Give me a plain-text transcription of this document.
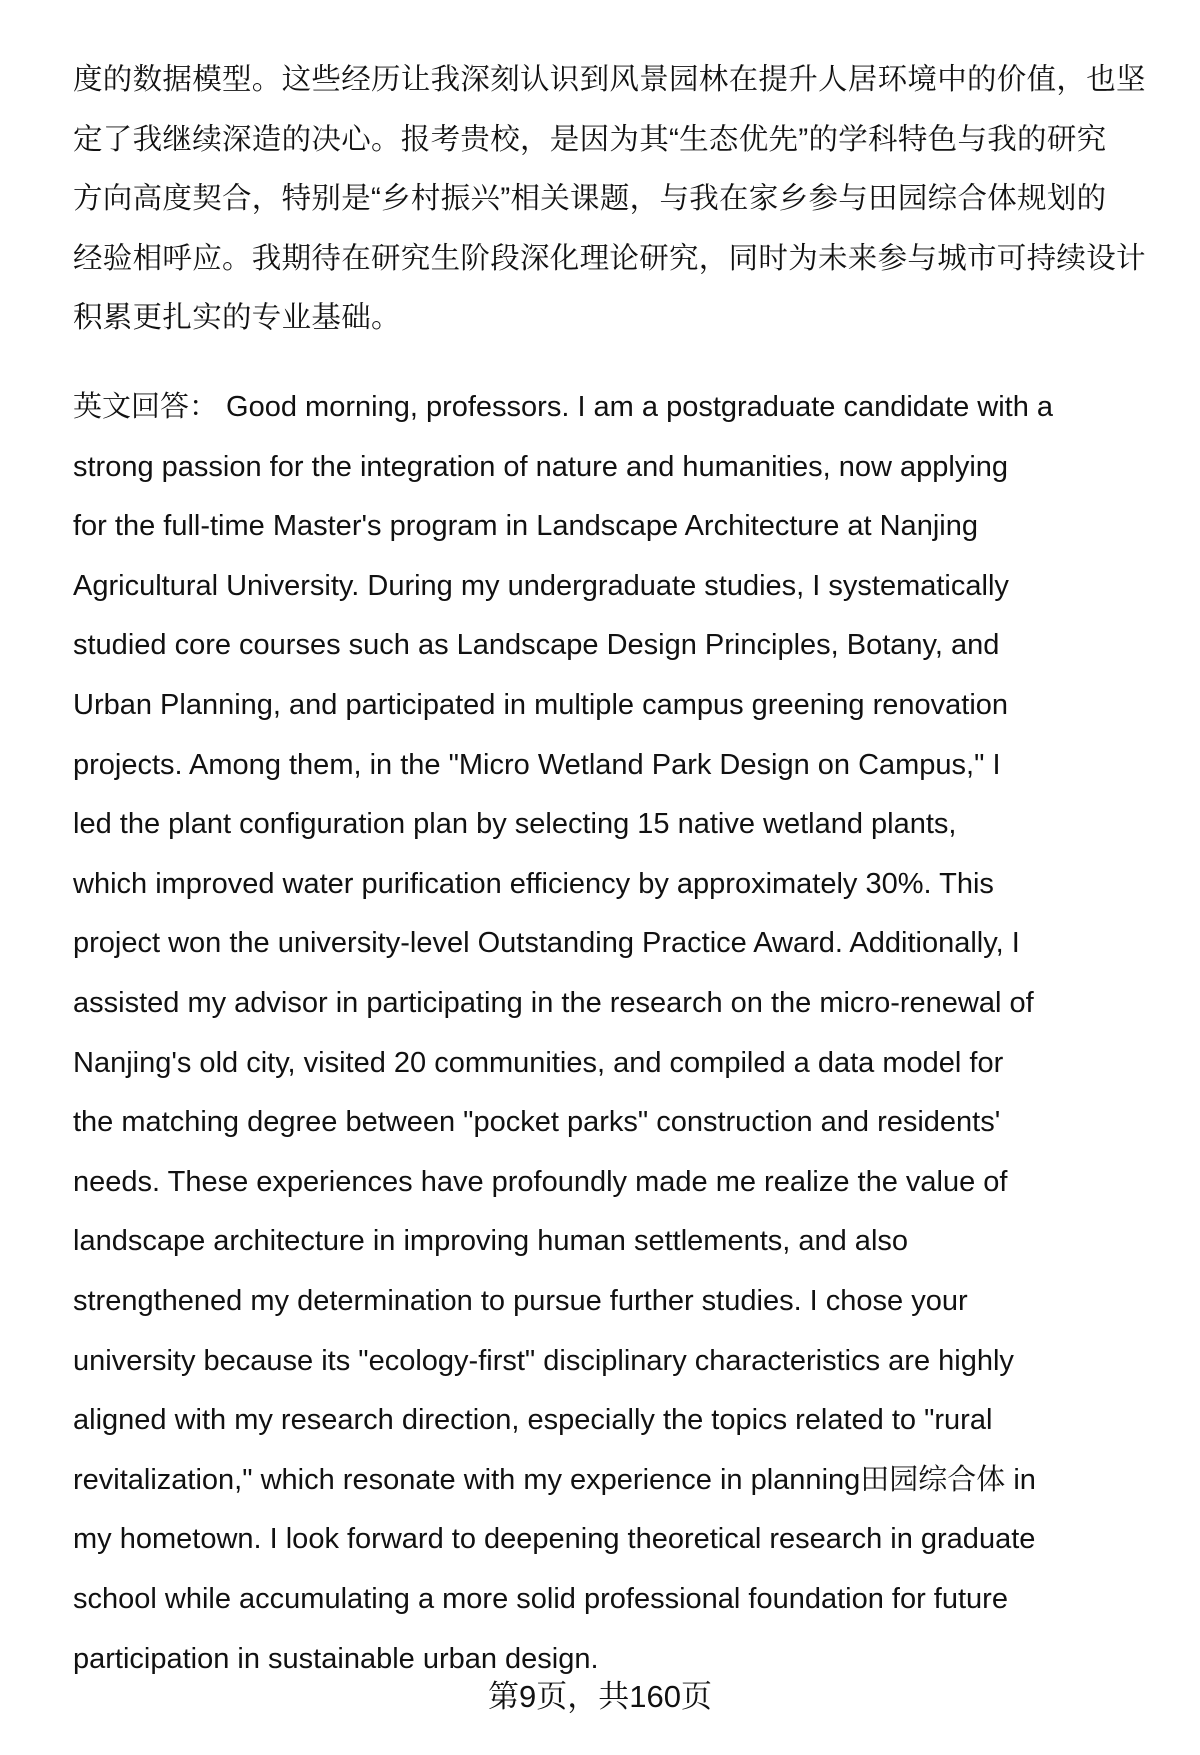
度的数据模型。这些经历让我深刻认识到风景园林在提升人居环境中的价值，也坚
定了我继续深造的决心。报考贵校，是因为其“生态优先”的学科特色与我的研究
方向高度契合，特别是“乡村振兴”相关课题，与我在家乡参与田园综合体规划的
经验相呼应。我期待在研究生阶段深化理论研究，同时为未来参与城市可持续设计
积累更扎实的专业基础。
英文回答： Good morning, professors. I am a postgraduate candidate with a
strong passion for the integration of nature and humanities, now applying
for the full-time Master's program in Landscape Architecture at Nanjing
Agricultural University. During my undergraduate studies, I systematically
studied core courses such as Landscape Design Principles, Botany, and
Urban Planning, and participated in multiple campus greening renovation
projects. Among them, in the "Micro Wetland Park Design on Campus," I
led the plant configuration plan by selecting 15 native wetland plants,
which improved water purification efficiency by approximately 30%. This
project won the university-level Outstanding Practice Award. Additionally, I
assisted my advisor in participating in the research on the micro-renewal of
Nanjing's old city, visited 20 communities, and compiled a data model for
the matching degree between "pocket parks" construction and residents'
needs. These experiences have profoundly made me realize the value of
landscape architecture in improving human settlements, and also
strengthened my determination to pursue further studies. I chose your
university because its "ecology-first" disciplinary characteristics are highly
aligned with my research direction, especially the topics related to "rural
revitalization," which resonate with my experience in planning田园综合体 in
my hometown. I look forward to deepening theoretical research in graduate
school while accumulating a more solid professional foundation for future
participation in sustainable urban design.
第9页，共160页
